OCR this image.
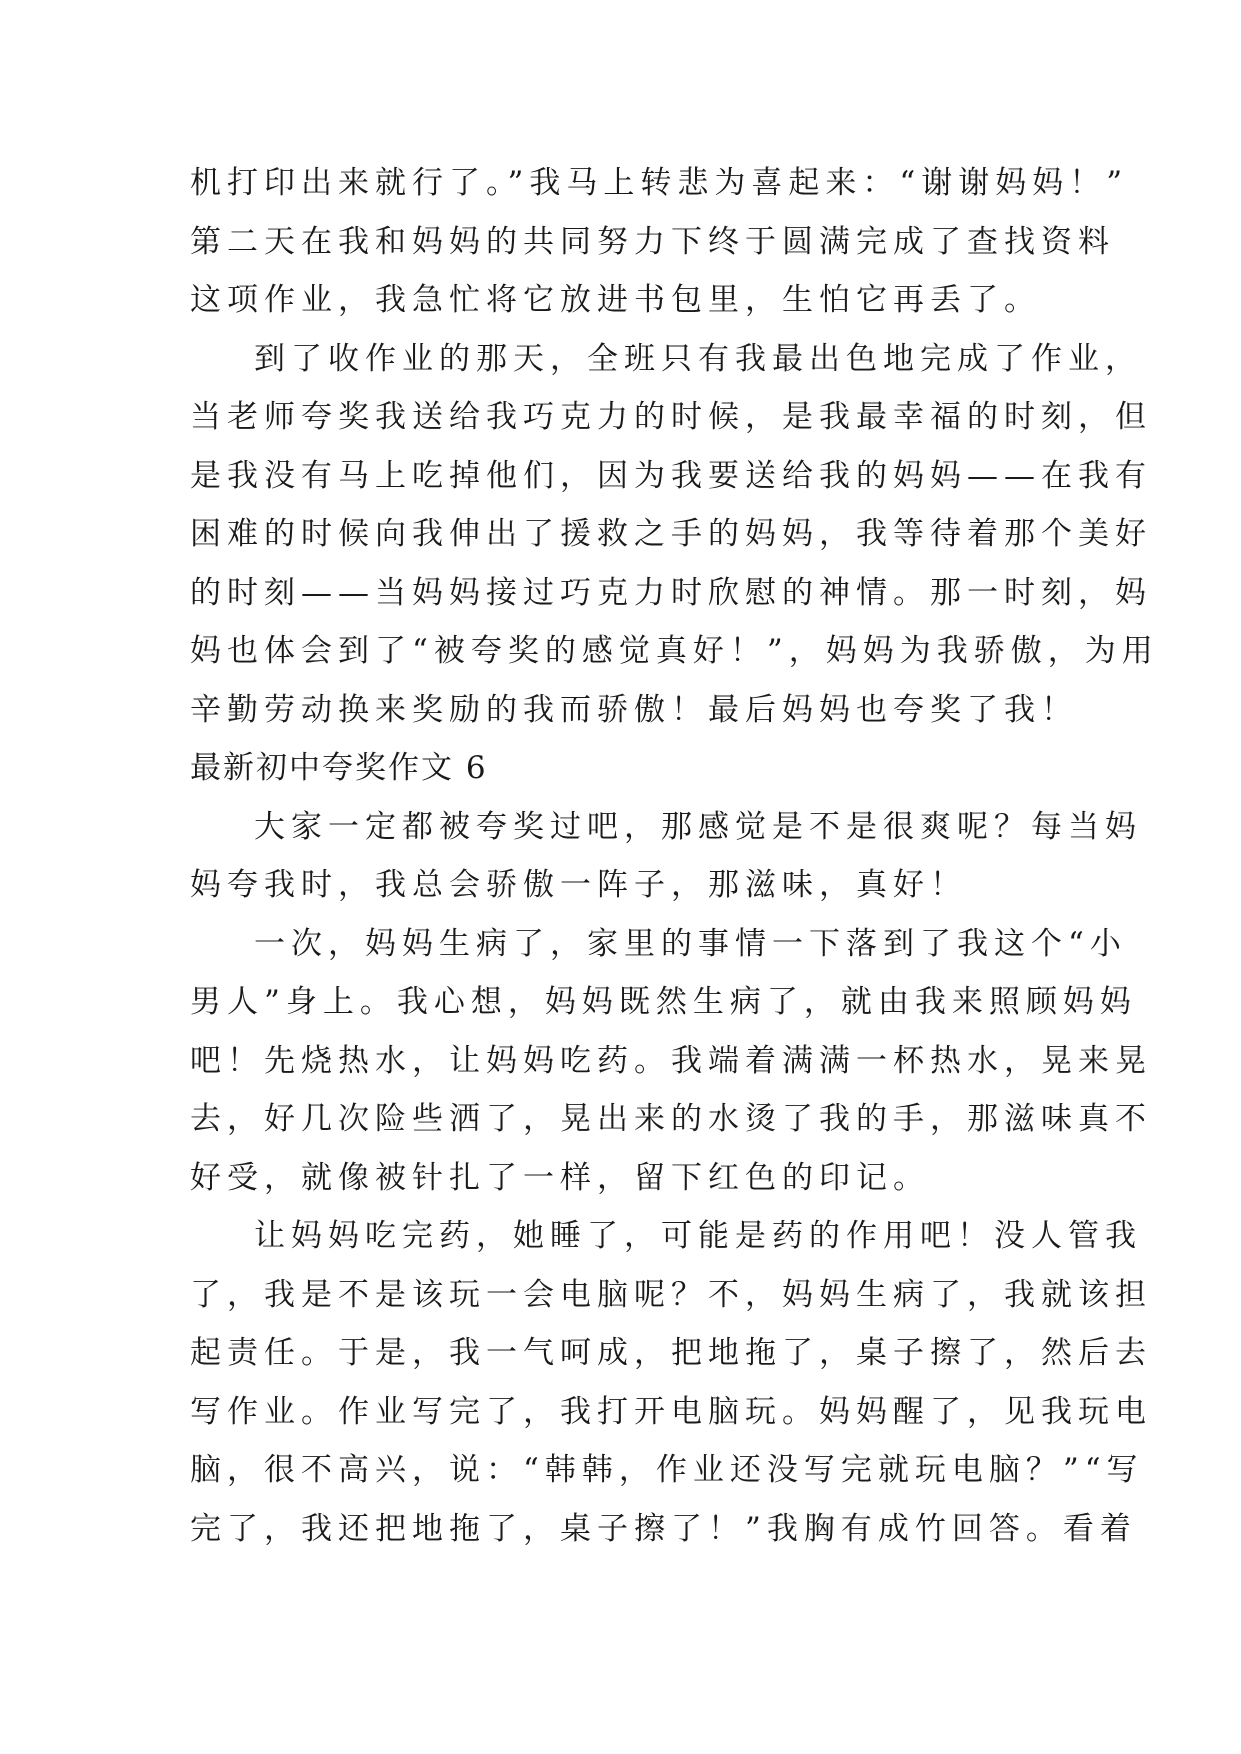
机打印出来就行了。”我马上转悲为喜起来：“谢谢妈妈！”
第二天在我和妈妈的共同努力下终于圆满完成了查找资料
这项作业，我急忙将它放进书包里，生怕它再丢了。
到了收作业的那天，全班只有我最出色地完成了作业，
当老师夸奖我送给我巧克力的时候，是我最幸福的时刻，但
是我没有马上吃掉他们，因为我要送给我的妈妈——在我有
困难的时候向我伸出了援救之手的妈妈，我等待着那个美好
的时刻——当妈妈接过巧克力时欣慰的神情。那一时刻，妈
妈也体会到了“被夸奖的感觉真好！”，妈妈为我骄傲，为用
辛勤劳动换来奖励的我而骄傲！最后妈妈也夸奖了我！
最新初中夸奖作文 6
大家一定都被夸奖过吧，那感觉是不是很爽呢？每当妈
妈夸我时，我总会骄傲一阵子，那滋味，真好！
一次，妈妈生病了，家里的事情一下落到了我这个“小
男人”身上。我心想，妈妈既然生病了，就由我来照顾妈妈
吧！先烧热水，让妈妈吃药。我端着满满一杯热水，晃来晃
去，好几次险些洒了，晃出来的水烫了我的手，那滋味真不
好受，就像被针扎了一样，留下红色的印记。
让妈妈吃完药，她睡了，可能是药的作用吧！没人管我
了，我是不是该玩一会电脑呢？不，妈妈生病了，我就该担
起责任。于是，我一气呵成，把地拖了，桌子擦了，然后去
写作业。作业写完了，我打开电脑玩。妈妈醒了，见我玩电
脑，很不高兴，说：“韩韩，作业还没写完就玩电脑？”“写
完了，我还把地拖了，桌子擦了！”我胸有成竹回答。看着
